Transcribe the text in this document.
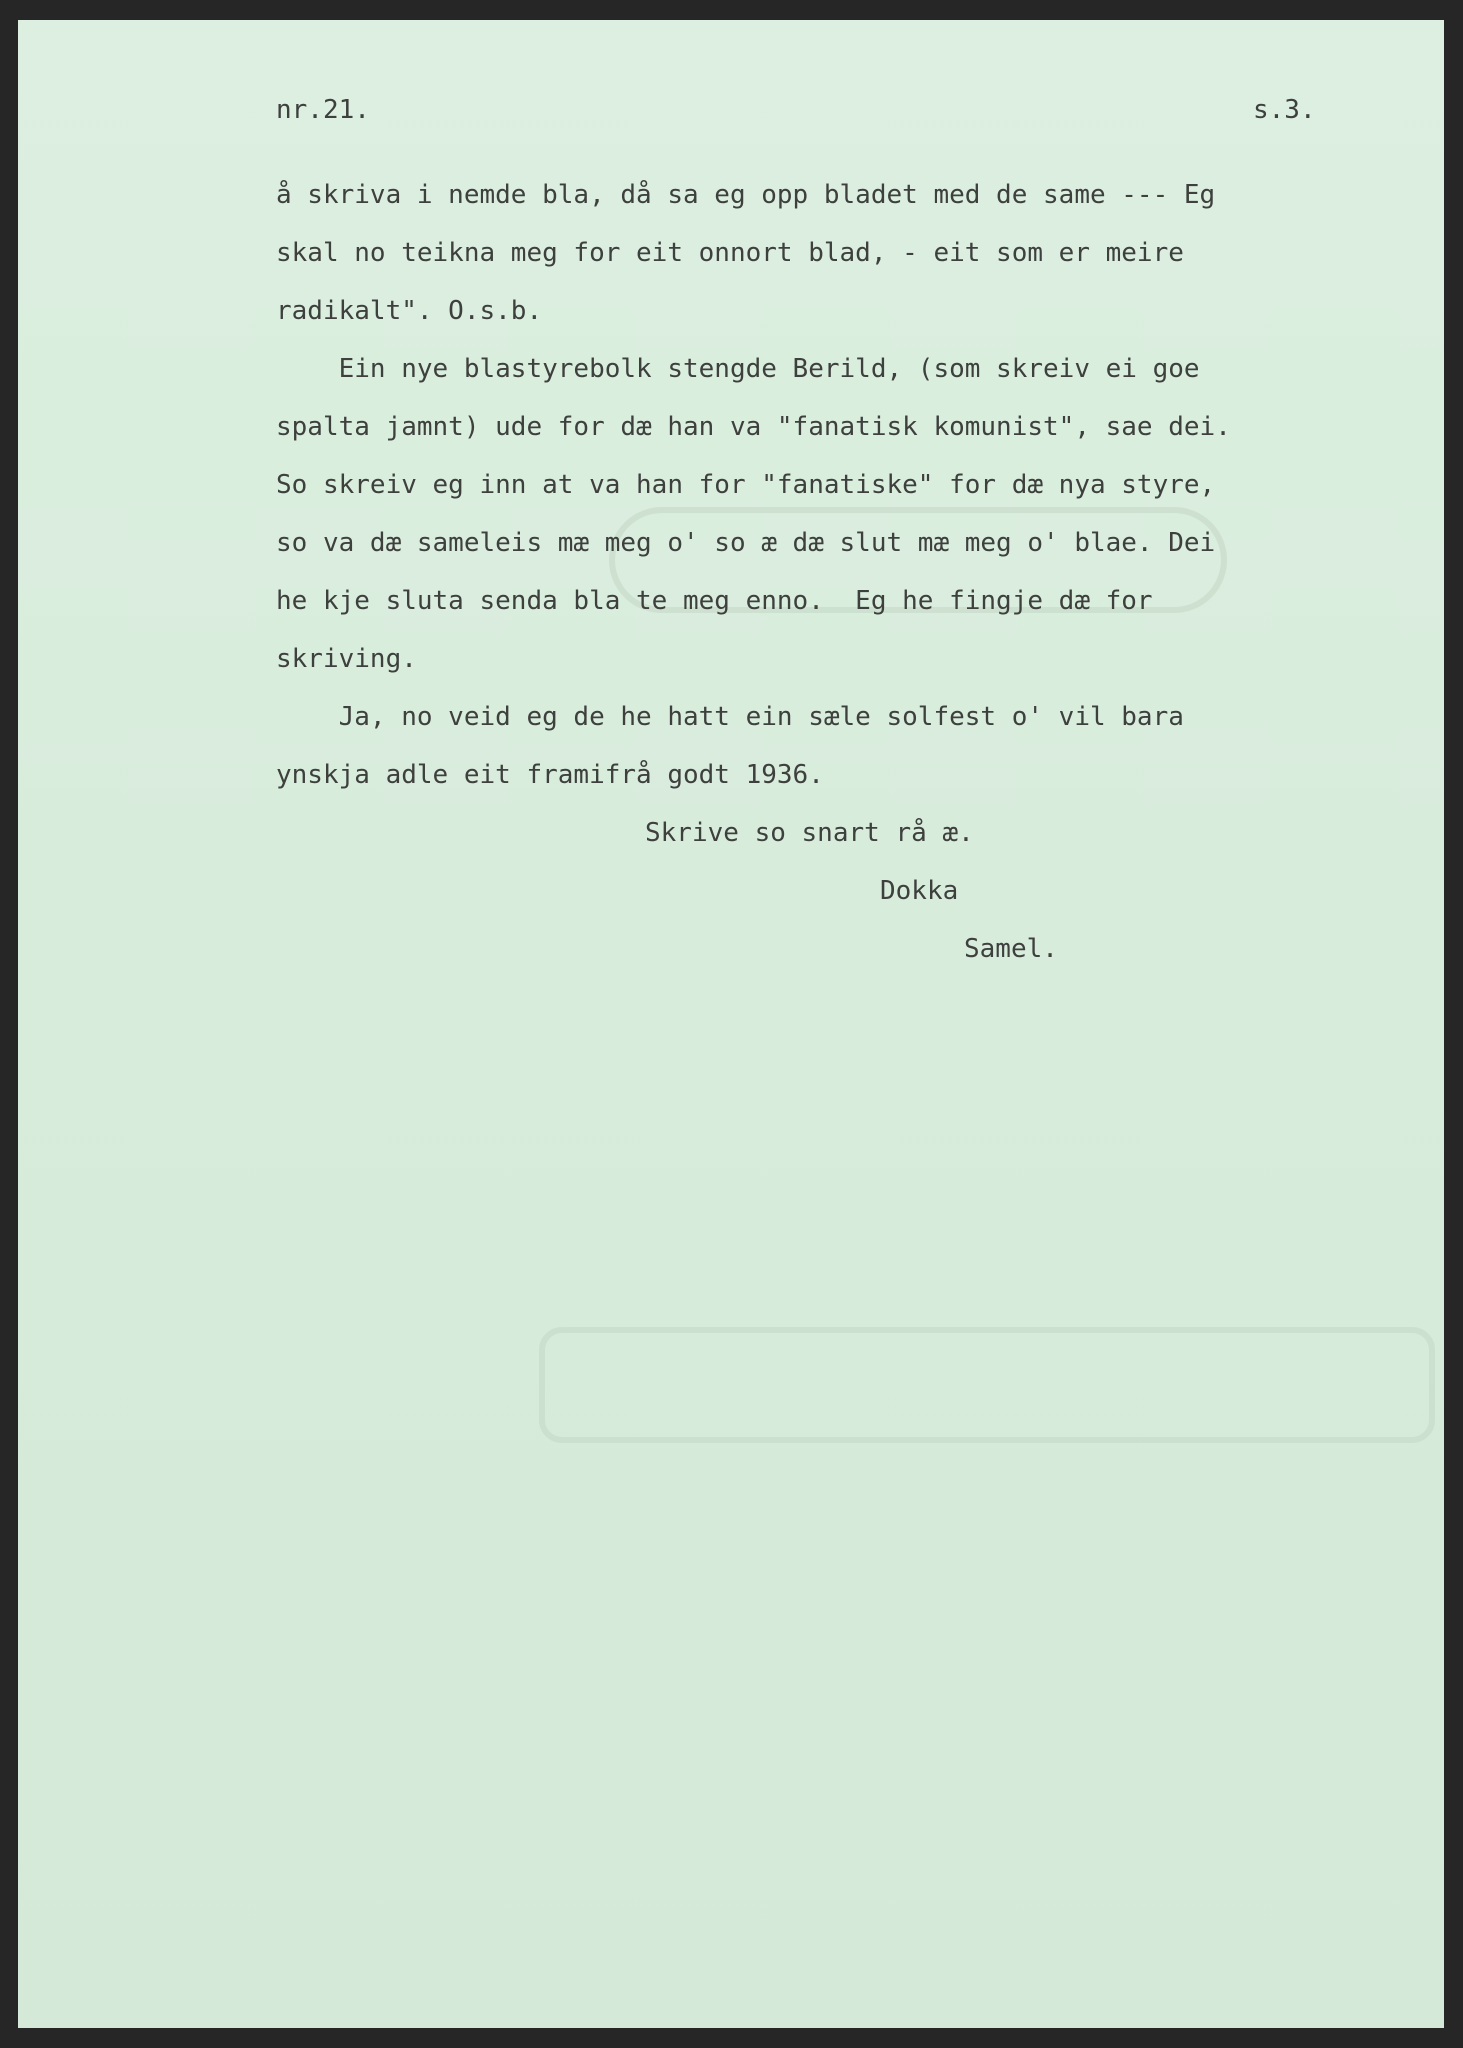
nr.21.	s.3.
å skriva i nemde bla, då sa eg opp bladet med de same --- Eg
skal no teikna meg for eit onnort blad, - eit som er meire
radikalt". O.s.b.
Ein nye blastyrebolk stengde Berild, (som skreiv ei goe
spalta jamnt) ude for dæ han va "fanatisk komunist", sae dei.
So skreiv eg inn at va han for "fanatiske" for dæ nya styre,
so va dæ sameleis mæ meg o' so æ dæ slut mæ meg o' blae. Dei
he kje sluta senda bla te meg enno.  Eg he fingje dæ for
skriving.
Ja, no veid eg de he hatt ein sæle solfest o' vil bara
ynskja adle eit framifrå godt 1936.
Skrive so snart rå æ.
Dokka
Samel.
